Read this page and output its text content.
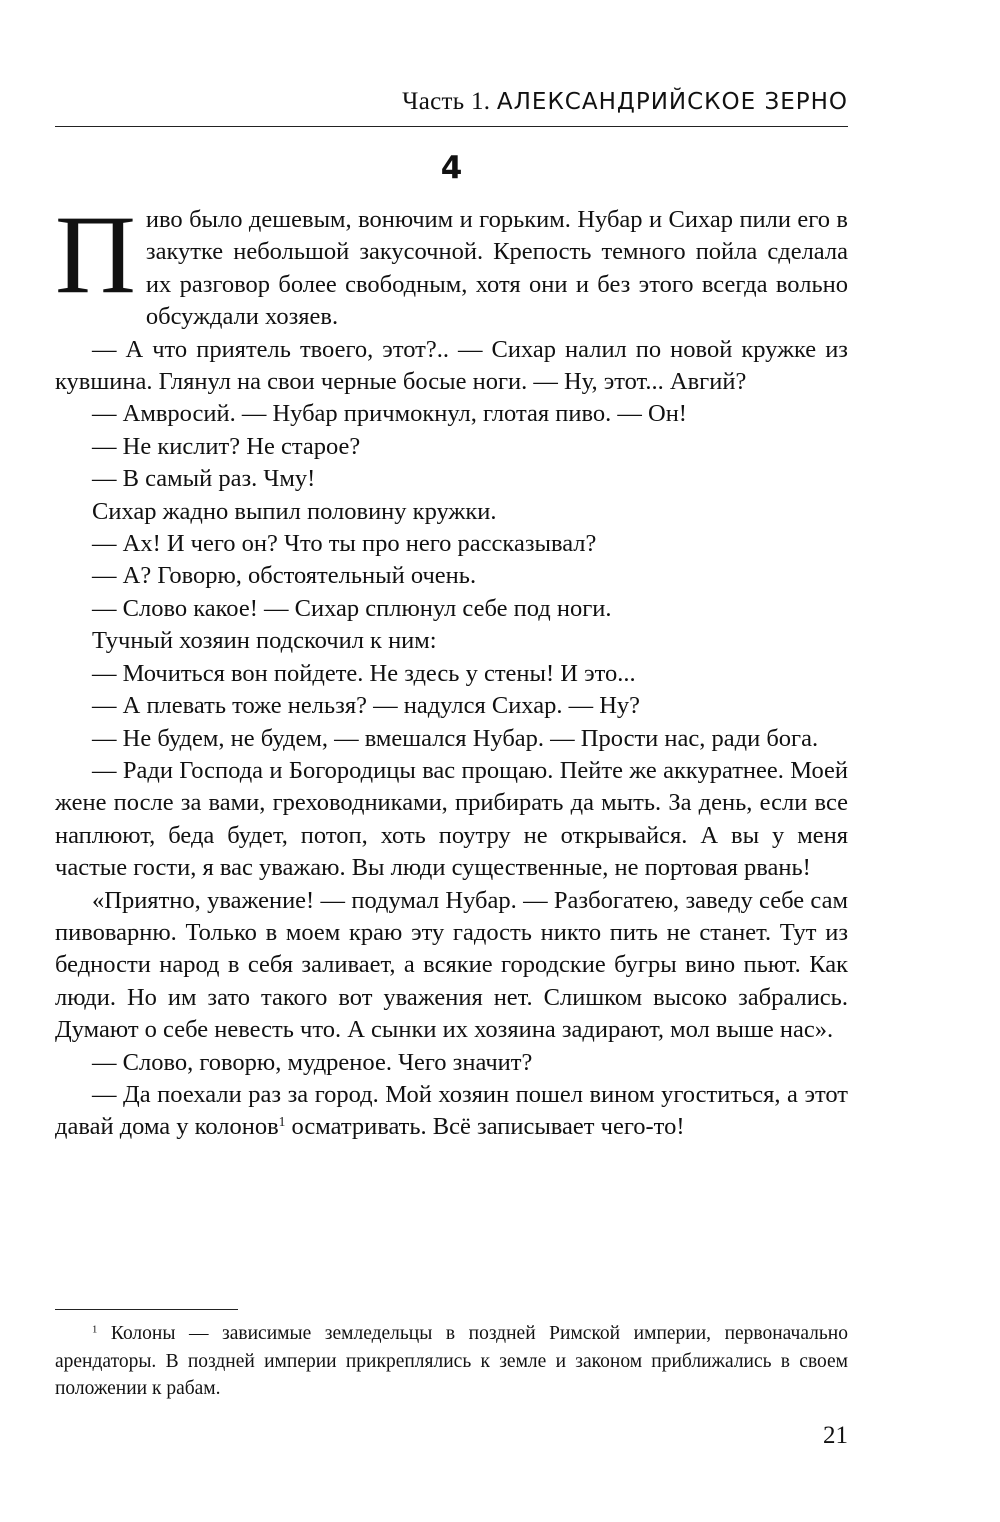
Часть 1. АЛЕКСАНДРИЙСКОЕ ЗЕРНО
4

Пиво было дешевым, вонючим и горьким. Нубар и Сихар пили его в закутке небольшой закусочной. Крепость темного пойла сделала их разговор более свободным, хотя они и без этого всегда вольно обсуждали хозяев.

— А что приятель твоего, этот?.. — Сихар налил по новой кружке из кувшина. Глянул на свои черные босые ноги. — Ну, этот... Авгий?

— Амвросий. — Нубар причмокнул, глотая пиво. — Он!

— Не кислит? Не старое?

— В самый раз. Чму!

Сихар жадно выпил половину кружки.

— Ах! И чего он? Что ты про него рассказывал?

— А? Говорю, обстоятельный очень.

— Слово какое! — Сихар сплюнул себе под ноги.

Тучный хозяин подскочил к ним:

— Мочиться вон пойдете. Не здесь у стены! И это...

— А плевать тоже нельзя? — надулся Сихар. — Ну?

— Не будем, не будем, — вмешался Нубар. — Прости нас, ради бога.

— Ради Господа и Богородицы вас прощаю. Пейте же аккуратнее. Моей жене после за вами, греховодниками, прибирать да мыть. За день, если все наплюют, беда будет, потоп, хоть поутру не открывайся. А вы у меня частые гости, я вас уважаю. Вы люди существенные, не портовая рвань!

«Приятно, уважение! — подумал Нубар. — Разбогатею, заведу себе сам пивоварню. Только в моем краю эту гадость никто пить не станет. Тут из бедности народ в себя заливает, а всякие городские бугры вино пьют. Как люди. Но им зато такого вот уважения нет. Слишком высоко забрались. Думают о себе невесть что. А сынки их хозяина задирают, мол выше нас».

— Слово, говорю, мудреное. Чего значит?

— Да поехали раз за город. Мой хозяин пошел вином угоститься, а этот давай дома у колонов$^1$ осматривать. Всё записывает чего-то!

$^1$ Колоны — зависимые земледельцы в поздней Римской империи, первоначально арендаторы. В поздней империи прикреплялись к земле и законом приближались в своем положении к рабам.

21
